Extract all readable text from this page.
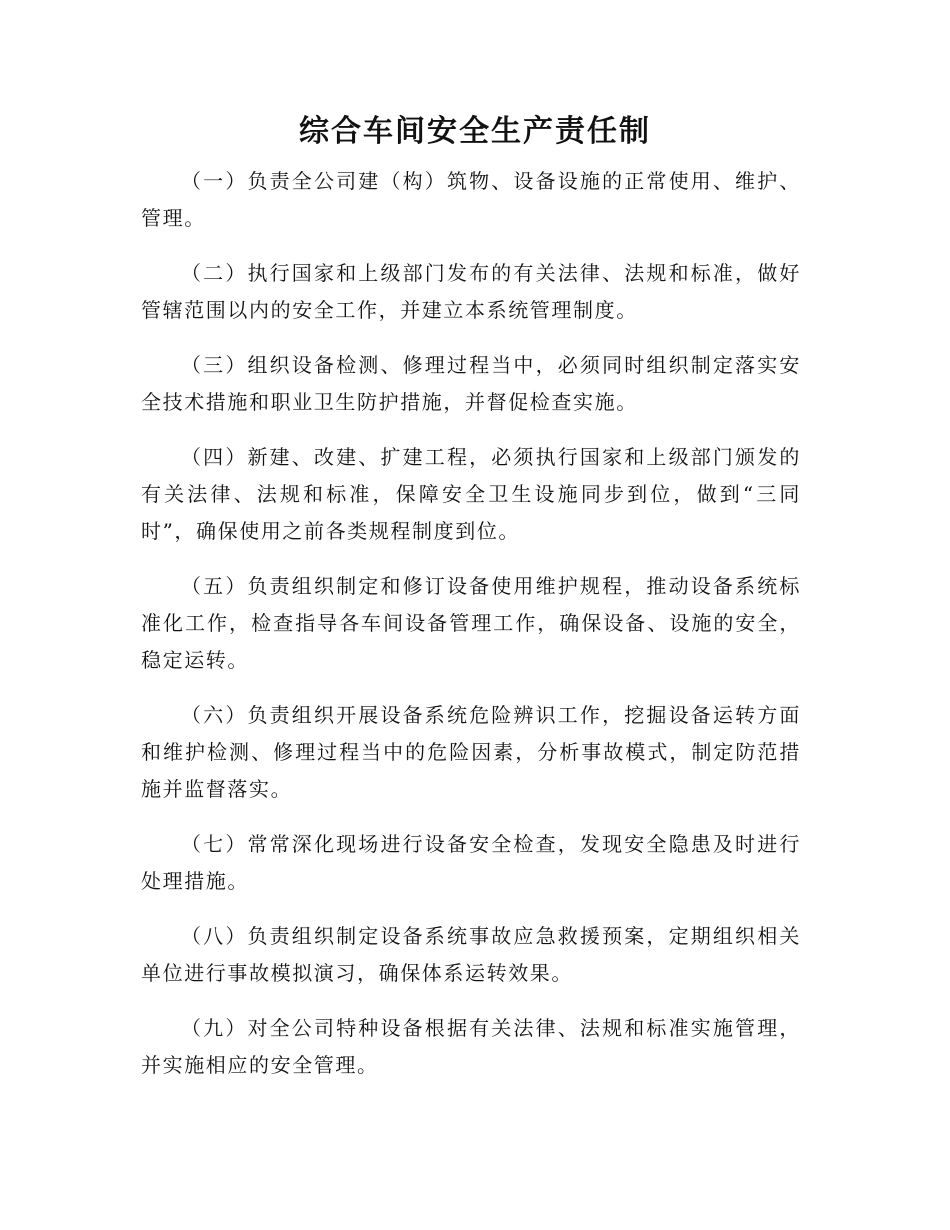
综合车间安全生产责任制

（一）负责全公司建（构）筑物、设备设施的正常使用、维护、管理。

（二）执行国家和上级部门发布的有关法律、法规和标准，做好管辖范围以内的安全工作，并建立本系统管理制度。

（三）组织设备检测、修理过程当中，必须同时组织制定落实安全技术措施和职业卫生防护措施，并督促检查实施。

（四）新建、改建、扩建工程，必须执行国家和上级部门颁发的有关法律、法规和标准，保障安全卫生设施同步到位，做到“三同时”，确保使用之前各类规程制度到位。

（五）负责组织制定和修订设备使用维护规程，推动设备系统标准化工作，检查指导各车间设备管理工作，确保设备、设施的安全，稳定运转。

（六）负责组织开展设备系统危险辨识工作，挖掘设备运转方面和维护检测、修理过程当中的危险因素，分析事故模式，制定防范措施并监督落实。

（七）常常深化现场进行设备安全检查，发现安全隐患及时进行处理措施。

（八）负责组织制定设备系统事故应急救援预案，定期组织相关单位进行事故模拟演习，确保体系运转效果。

（九）对全公司特种设备根据有关法律、法规和标准实施管理，并实施相应的安全管理。
